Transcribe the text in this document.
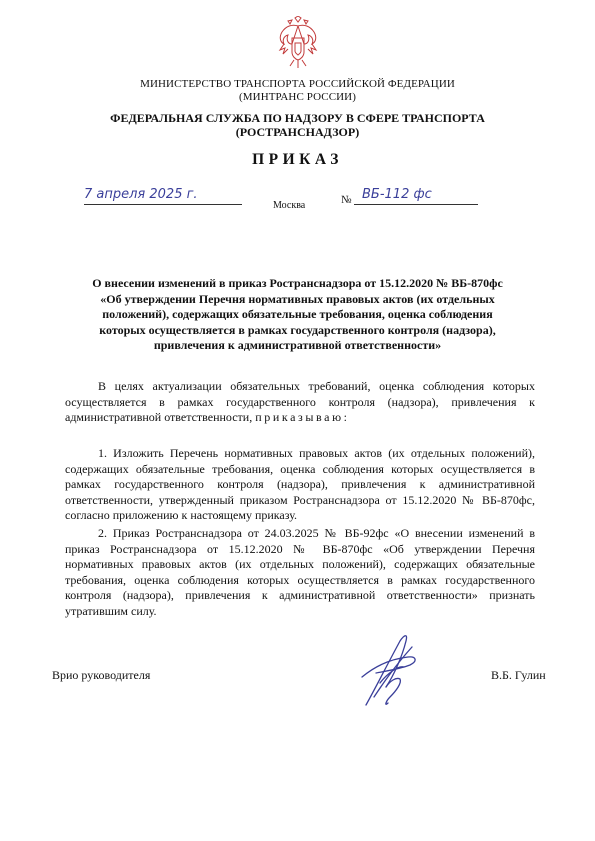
МИНИСТЕРСТВО ТРАНСПОРТА РОССИЙСКОЙ ФЕДЕРАЦИИ
(МИНТРАНС РОССИИ)
ФЕДЕРАЛЬНАЯ СЛУЖБА ПО НАДЗОРУ В СФЕРЕ ТРАНСПОРТА
(РОСТРАНСНАДЗОР)
ПРИКАЗ
7 апреля 2025 г.
Москва	№ ВБ-112 фс
О внесении изменений в приказ Ространснадзора от 15.12.2020 № ВБ-870фс
«Об утверждении Перечня нормативных правовых актов (их отдельных
положений), содержащих обязательные требования, оценка соблюдения
которых осуществляется в рамках государственного контроля (надзора),
привлечения к административной ответственности»
В целях актуализации обязательных требований, оценка соблюдения которых осуществляется в рамках государственного контроля (надзора), привлечения к административной ответственности, приказываю:
1. Изложить Перечень нормативных правовых актов (их отдельных положений), содержащих обязательные требования, оценка соблюдения которых осуществляется в рамках государственного контроля (надзора), привлечения к административной ответственности, утвержденный приказом Ространснадзора от 15.12.2020 № ВБ-870фс, согласно приложению к настоящему приказу.
2. Приказ Ространснадзора от 24.03.2025 № ВБ-92фс «О внесении изменений в приказ Ространснадзора от 15.12.2020 № ВБ-870фс «Об утверждении Перечня нормативных правовых актов (их отдельных положений), содержащих обязательные требования, оценка соблюдения которых осуществляется в рамках государственного контроля (надзора), привлечения к административной ответственности» признать утратившим силу.
Врио руководителя	В.Б. Гулин
